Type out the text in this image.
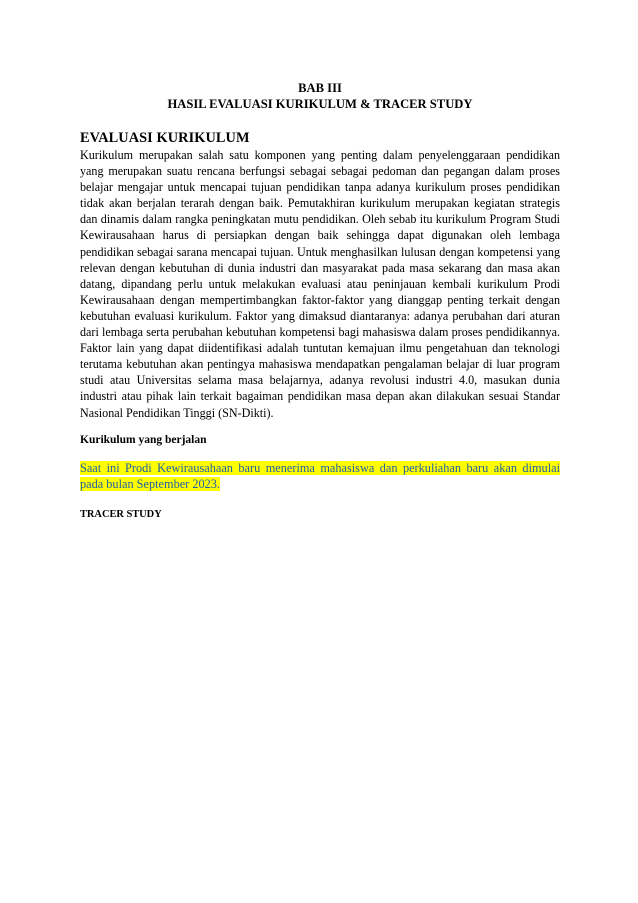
BAB III

HASIL EVALUASI KURIKULUM & TRACER STUDY

EVALUASI KURIKULUM

Kurikulum merupakan salah satu komponen yang penting dalam penyelenggaraan pendidikan yang merupakan suatu rencana berfungsi sebagai sebagai pedoman dan pegangan dalam proses belajar mengajar untuk mencapai tujuan pendidikan tanpa adanya kurikulum proses pendidikan tidak akan berjalan terarah dengan baik. Pemutakhiran kurikulum merupakan kegiatan strategis dan dinamis dalam rangka peningkatan mutu pendidikan. Oleh sebab itu kurikulum Program Studi Kewirausahaan harus di persiapkan dengan baik sehingga dapat digunakan oleh lembaga pendidikan sebagai sarana mencapai tujuan. Untuk menghasilkan lulusan dengan kompetensi yang relevan dengan kebutuhan di dunia industri dan masyarakat pada masa sekarang dan masa akan datang, dipandang perlu untuk melakukan evaluasi atau peninjauan kembali kurikulum Prodi Kewirausahaan dengan mempertimbangkan faktor-faktor yang dianggap penting terkait dengan kebutuhan evaluasi kurikulum. Faktor yang dimaksud diantaranya: adanya perubahan dari aturan dari lembaga serta perubahan kebutuhan kompetensi bagi mahasiswa dalam proses pendidikannya. Faktor lain yang dapat diidentifikasi adalah tuntutan kemajuan ilmu pengetahuan dan teknologi terutama kebutuhan akan pentingya mahasiswa mendapatkan pengalaman belajar di luar program studi atau Universitas selama masa belajarnya, adanya revolusi industri 4.0, masukan dunia industri atau pihak lain terkait bagaiman pendidikan masa depan akan dilakukan sesuai Standar Nasional Pendidikan Tinggi (SN-Dikti).

Kurikulum yang berjalan

Saat ini Prodi Kewirausahaan baru menerima mahasiswa dan perkuliahan baru akan dimulai pada bulan September 2023.

TRACER STUDY
